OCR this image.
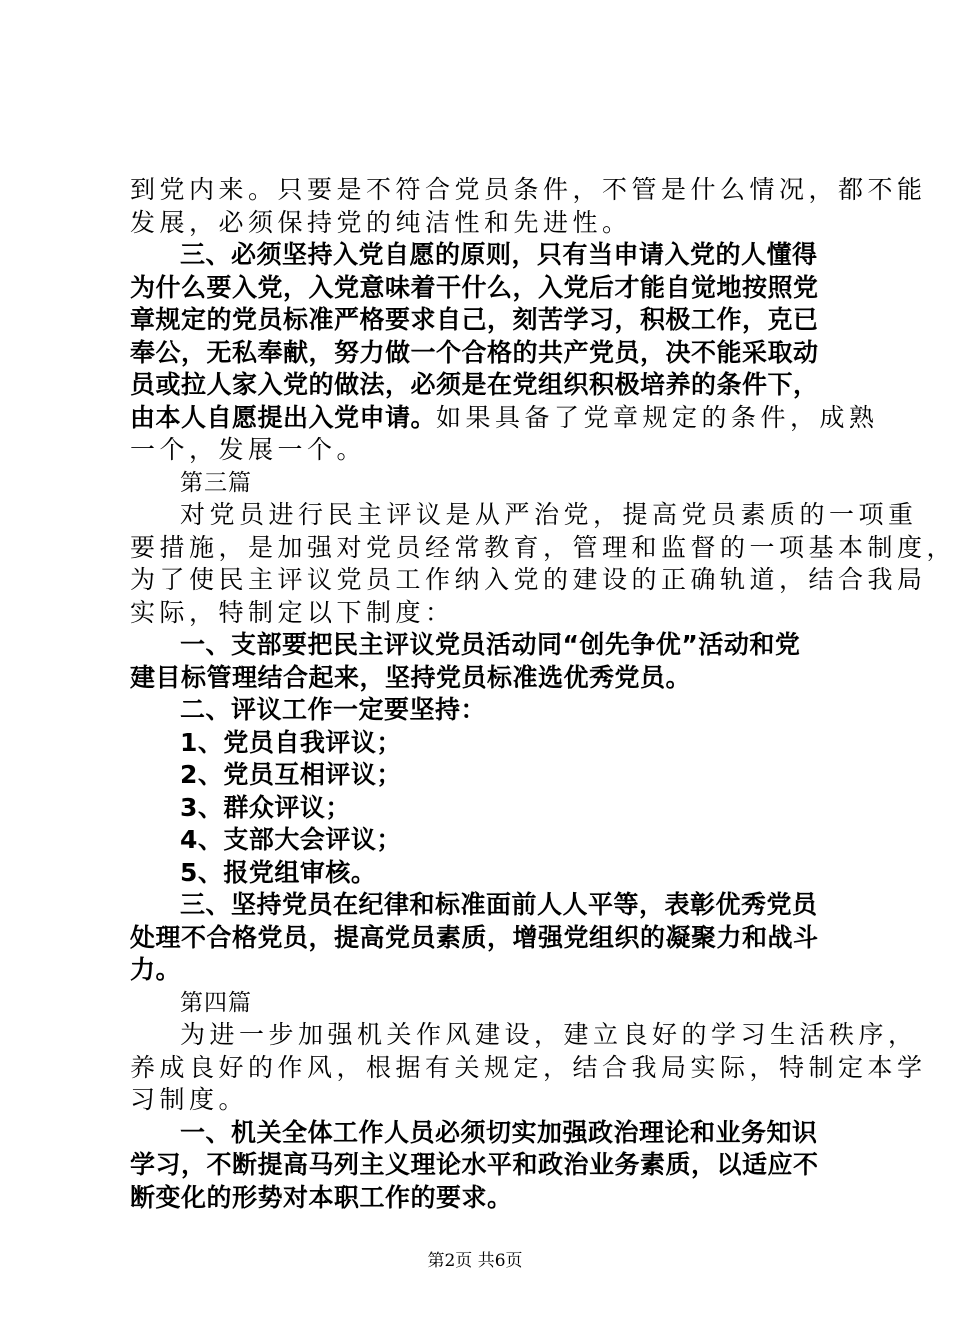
到党内来。只要是不符合党员条件，不管是什么情况，都不能
发展，必须保持党的纯洁性和先进性。
三、必须坚持入党自愿的原则，只有当申请入党的人懂得
为什么要入党，入党意味着干什么，入党后才能自觉地按照党
章规定的党员标准严格要求自己，刻苦学习，积极工作，克已
奉公，无私奉献，努力做一个合格的共产党员，决不能采取动
员或拉人家入党的做法，必须是在党组织积极培养的条件下，
由本人自愿提出入党申请。如果具备了党章规定的条件，成熟
一个，发展一个。
第三篇
对党员进行民主评议是从严治党，提高党员素质的一项重
要措施，是加强对党员经常教育，管理和监督的一项基本制度，
为了使民主评议党员工作纳入党的建设的正确轨道，结合我局
实际，特制定以下制度：
一、支部要把民主评议党员活动同“创先争优”活动和党
建目标管理结合起来，坚持党员标准选优秀党员。
二、评议工作一定要坚持：
1、党员自我评议；
2、党员互相评议；
3、群众评议；
4、支部大会评议；
5、报党组审核。
三、坚持党员在纪律和标准面前人人平等，表彰优秀党员
处理不合格党员，提高党员素质，增强党组织的凝聚力和战斗
力。
第四篇
为进一步加强机关作风建设，建立良好的学习生活秩序，
养成良好的作风，根据有关规定，结合我局实际，特制定本学
习制度。
一、机关全体工作人员必须切实加强政治理论和业务知识
学习，不断提高马列主义理论水平和政治业务素质，以适应不
断变化的形势对本职工作的要求。
第2页 共6页
